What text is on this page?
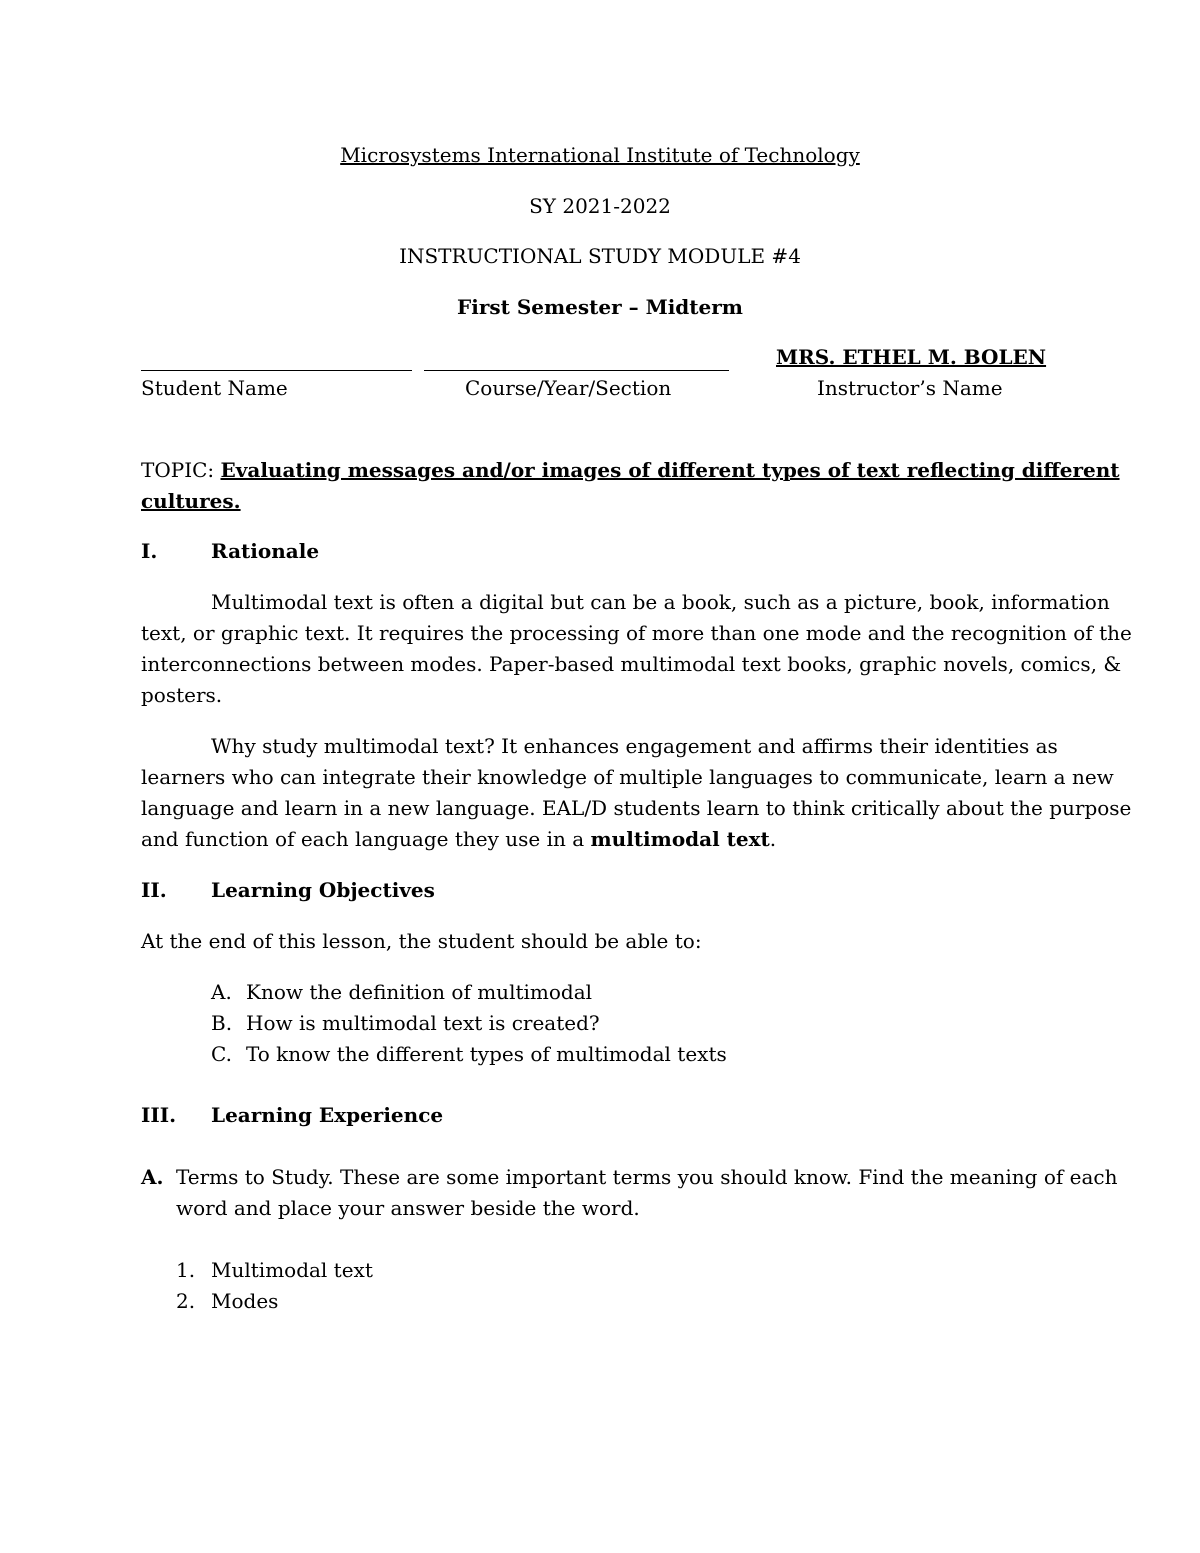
Microsystems International Institute of Technology
SY 2021-2022
INSTRUCTIONAL STUDY MODULE #4
First Semester – Midterm
MRS. ETHEL M. BOLEN
Student Name	Course/Year/Section	Instructor’s Name
TOPIC: Evaluating messages and/or images of different types of text reflecting different
cultures.
I.	Rationale
Multimodal text is often a digital but can be a book, such as a picture, book, information
text, or graphic text. It requires the processing of more than one mode and the recognition of the
interconnections between modes. Paper-based multimodal text books, graphic novels, comics, &
posters.
Why study multimodal text? It enhances engagement and affirms their identities as
learners who can integrate their knowledge of multiple languages to communicate, learn a new
language and learn in a new language. EAL/D students learn to think critically about the purpose
and function of each language they use in a multimodal text.
II. Learning Objectives
At the end of this lesson, the student should be able to:
A. Know the definition of multimodal
B. How is multimodal text is created?
C. To know the different types of multimodal texts
III. Learning Experience
A. Terms to Study. These are some important terms you should know. Find the meaning of each
word and place your answer beside the word.
1. Multimodal text
2. Modes
